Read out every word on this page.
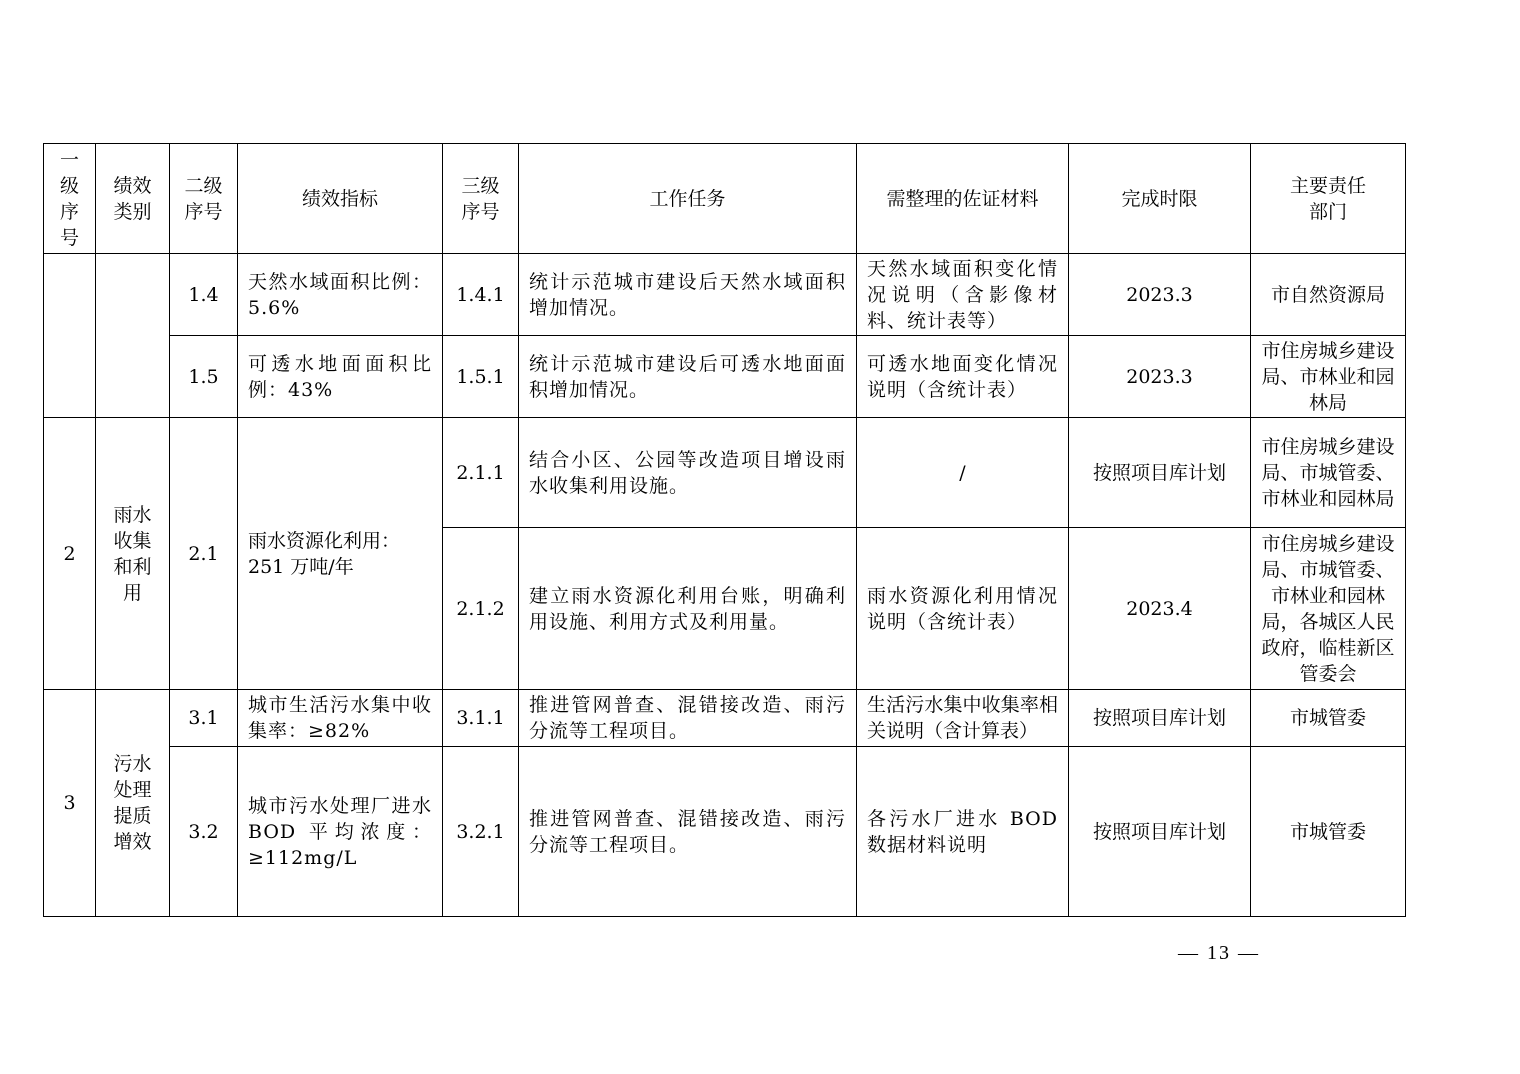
一级序号	绩效类别	二级序号	绩效指标	三级序号	工作任务	需整理的佐证材料	完成时限	主要责任部门
		1.4	天然水域面积比例：5.6%	1.4.1	统计示范城市建设后天然水域面积增加情况。	天然水域面积变化情况说明（含影像材料、统计表等）	2023.3	市自然资源局
		1.5	可透水地面面积比例：43%	1.5.1	统计示范城市建设后可透水地面面积增加情况。	可透水地面变化情况说明（含统计表）	2023.3	市住房城乡建设局、市林业和园林局
2	雨水收集和利用	2.1	雨水资源化利用：251 万吨/年	2.1.1	结合小区、公园等改造项目增设雨水收集利用设施。	/	按照项目库计划	市住房城乡建设局、市城管委、市林业和园林局
				2.1.2	建立雨水资源化利用台账，明确利用设施、利用方式及利用量。	雨水资源化利用情况说明（含统计表）	2023.4	市住房城乡建设局、市城管委、市林业和园林局，各城区人民政府，临桂新区管委会
3	污水处理提质增效	3.1	城市生活污水集中收集率：≥82%	3.1.1	推进管网普查、混错接改造、雨污分流等工程项目。	生活污水集中收集率相关说明（含计算表）	按照项目库计划	市城管委
		3.2	城市污水处理厂进水 BOD 平均浓度：≥112mg/L	3.2.1	推进管网普查、混错接改造、雨污分流等工程项目。	各污水厂进水 BOD 数据材料说明	按照项目库计划	市城管委
— 13 —
